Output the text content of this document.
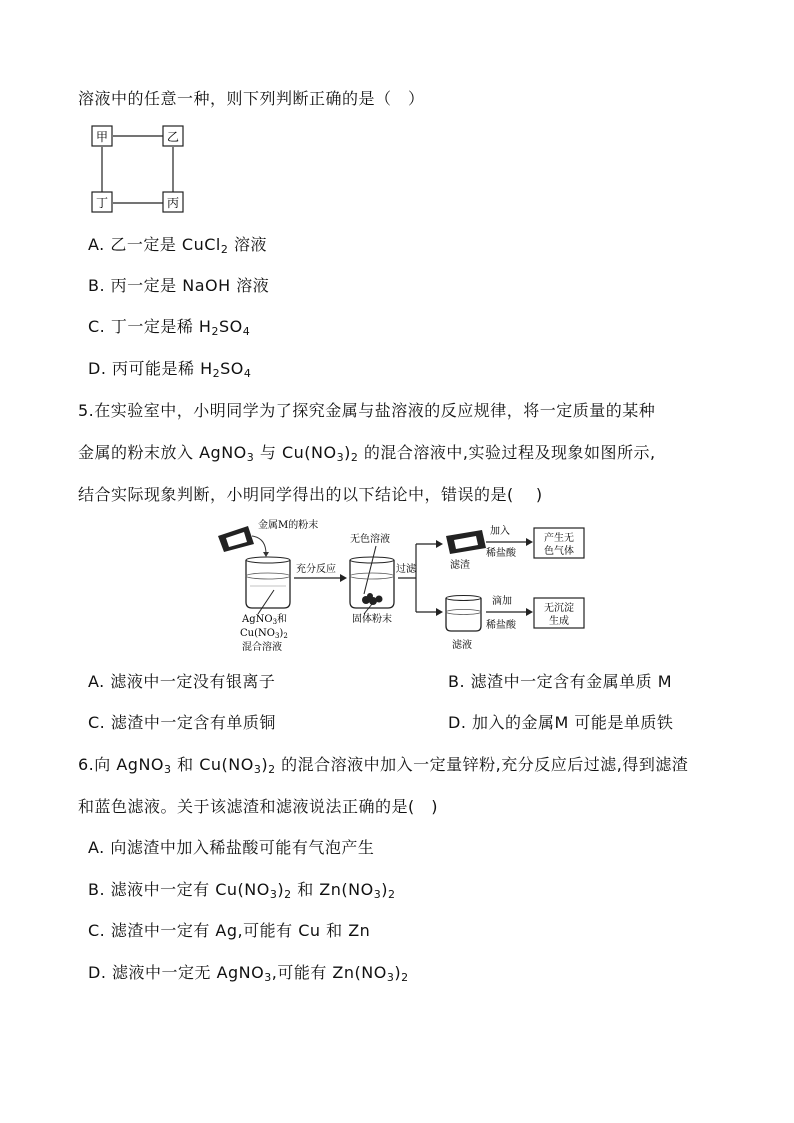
溶液中的任意一种，则下列判断正确的是（　）
甲	乙
丁	丙
A. 乙一定是 CuCl$_2$ 溶液
B. 丙一定是 NaOH 溶液
C. 丁一定是稀 $H_2SO_4$
D. 丙可能是稀 $H_2SO_4$
5.在实验室中，小明同学为了探究金属与盐溶液的反应规律，将一定质量的某种
金属的粉末放入 AgNO$_3$ 与 $Cu(NO_3)_2$ 的混合溶液中,实验过程及现象如图所示,
结合实际现象判断，小明同学得出的以下结论中，错误的是(　 )
金属M的粉末
AgNO$_3$和
$Cu(NO_3)_2$
混合溶液
充分反应
无色溶液
固体粉末
过滤	滤渣
加入
稀盐酸
产生无
色气体
滤液
滴加
稀盐酸
无沉淀
生成
A. 滤液中一定没有银离子	B. 滤渣中一定含有金属单质 M
C. 滤渣中一定含有单质铜	D. 加入的金属M 可能是单质铁
6.向 AgNO$_3$ 和 $Cu(NO_3)_2$ 的混合溶液中加入一定量锌粉,充分反应后过滤,得到滤渣
和蓝色滤液。关于该滤渣和滤液说法正确的是(　)
A. 向滤渣中加入稀盐酸可能有气泡产生
B. 滤液中一定有 $Cu(NO_3)_2$ 和 $Zn(NO_3)_2$
C. 滤渣中一定有 Ag,可能有 Cu 和 Zn
D. 滤液中一定无 AgNO$_3$,可能有 $Zn(NO_3)_2$
